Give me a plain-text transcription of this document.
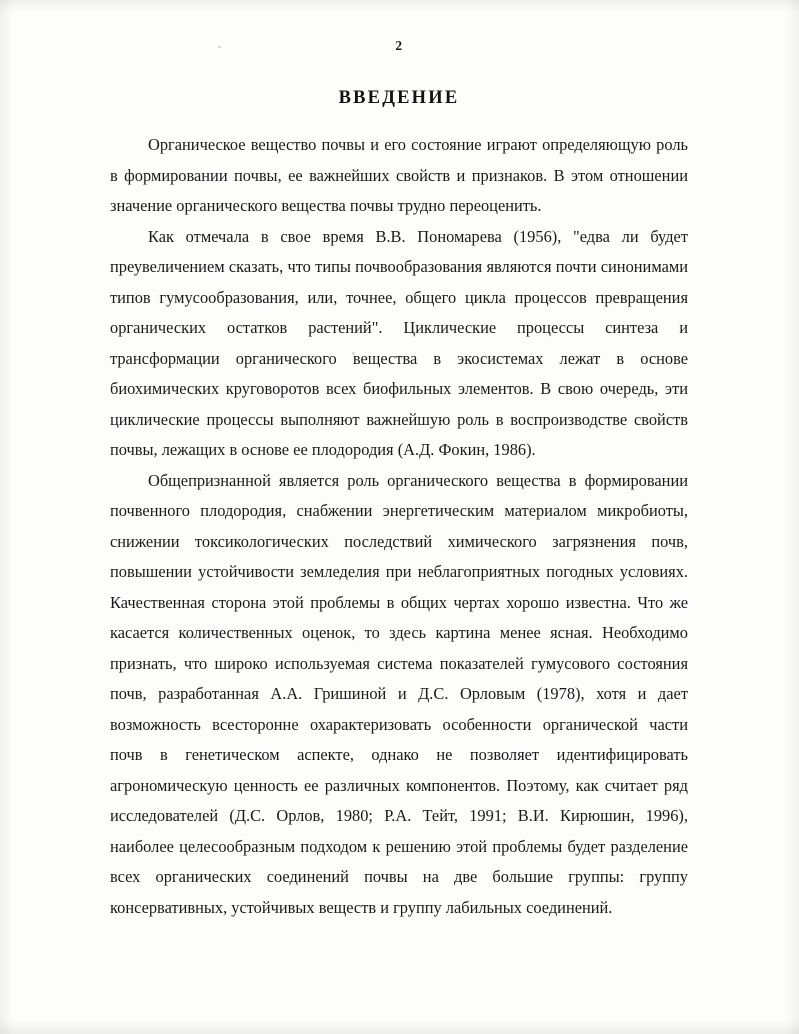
2
ВВЕДЕНИЕ

Органическое вещество почвы и его состояние играют определяющую роль в формировании почвы, ее важнейших свойств и признаков. В этом отношении значение органического вещества почвы трудно переоценить.

Как отмечала в свое время В.В. Пономарева (1956), "едва ли будет преувеличением сказать, что типы почвообразования являются почти синонимами типов гумусообразования, или, точнее, общего цикла процессов превращения органических остатков растений". Циклические процессы синтеза и трансформации органического вещества в экосистемах лежат в основе биохимических круговоротов всех биофильных элементов. В свою очередь, эти циклические процессы выполняют важнейшую роль в воспроизводстве свойств почвы, лежащих в основе ее плодородия (А.Д. Фокин, 1986).

Общепризнанной является роль органического вещества в формировании почвенного плодородия, снабжении энергетическим материалом микробиоты, снижении токсикологических последствий химического загрязнения почв, повышении устойчивости земледелия при неблагоприятных погодных условиях. Качественная сторона этой проблемы в общих чертах хорошо известна. Что же касается количественных оценок, то здесь картина менее ясная. Необходимо признать, что широко используемая система показателей гумусового состояния почв, разработанная А.А. Гришиной и Д.С. Орловым (1978), хотя и дает возможность всесторонне охарактеризовать особенности органической части почв в генетическом аспекте, однако не позволяет идентифицировать агрономическую ценность ее различных компонентов. Поэтому, как считает ряд исследователей (Д.С. Орлов, 1980; Р.А. Тейт, 1991; В.И. Кирюшин, 1996), наиболее целесообразным подходом к решению этой проблемы будет разделение всех органических соединений почвы на две большие группы: группу консервативных, устойчивых веществ и группу лабильных соединений.
